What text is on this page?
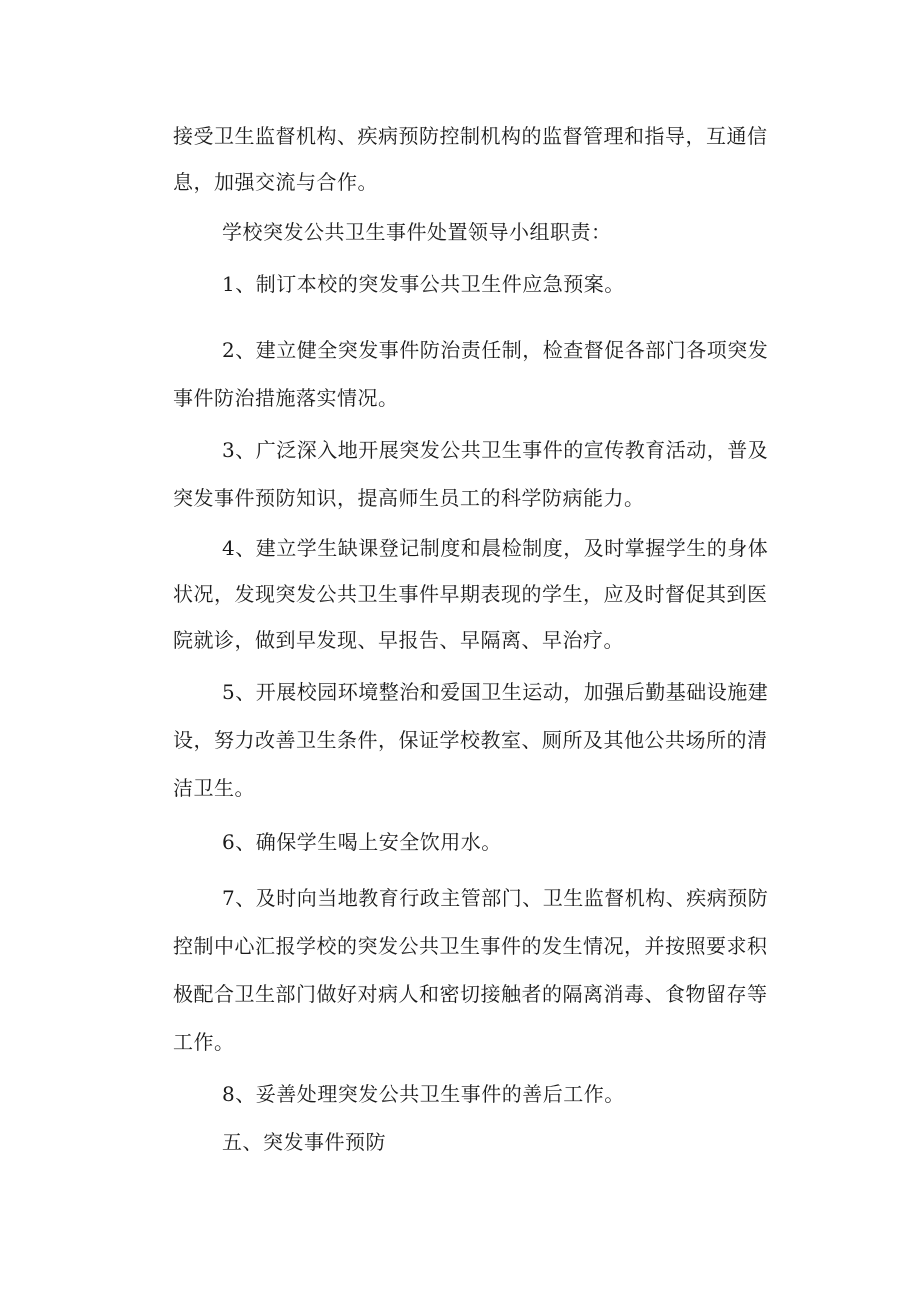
接受卫生监督机构、疾病预防控制机构的监督管理和指导，互通信
息，加强交流与合作。
学校突发公共卫生事件处置领导小组职责：
1、制订本校的突发事公共卫生件应急预案。
2、建立健全突发事件防治责任制，检查督促各部门各项突发
事件防治措施落实情况。
3、广泛深入地开展突发公共卫生事件的宣传教育活动，普及
突发事件预防知识，提高师生员工的科学防病能力。
4、建立学生缺课登记制度和晨检制度，及时掌握学生的身体
状况，发现突发公共卫生事件早期表现的学生，应及时督促其到医
院就诊，做到早发现、早报告、早隔离、早治疗。
5、开展校园环境整治和爱国卫生运动，加强后勤基础设施建
设，努力改善卫生条件，保证学校教室、厕所及其他公共场所的清
洁卫生。
6、确保学生喝上安全饮用水。
7、及时向当地教育行政主管部门、卫生监督机构、疾病预防
控制中心汇报学校的突发公共卫生事件的发生情况，并按照要求积
极配合卫生部门做好对病人和密切接触者的隔离消毒、食物留存等
工作。
8、妥善处理突发公共卫生事件的善后工作。
五、突发事件预防
